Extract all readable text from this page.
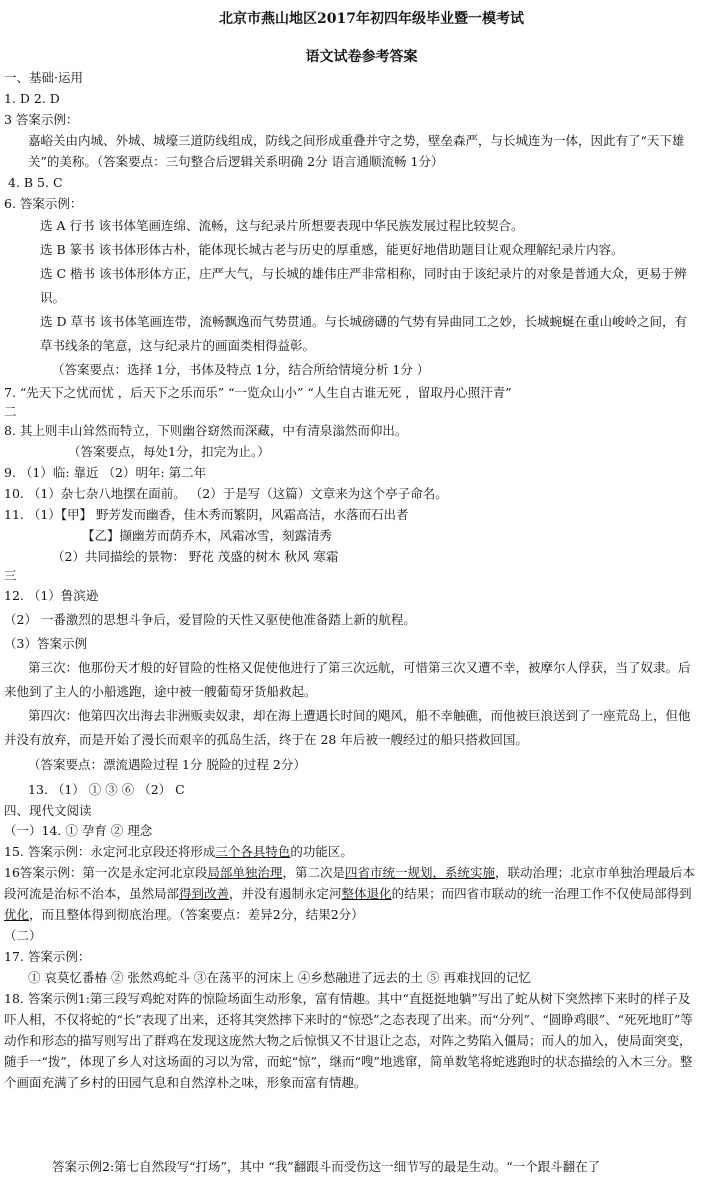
北京市燕山地区2017年初四年级毕业暨一模考试
语文试卷参考答案
一、基础·运用
1. D 2. D
3 答案示例：
嘉峪关由内城、外城、城壕三道防线组成，防线之间形成重叠并守之势，壁垒森严，与长城连为一体，因此有了“天下雄关”的美称。（答案要点：三句整合后逻辑关系明确 2分 语言通顺流畅 1分）
4. B 5. C
6. 答案示例：
选 A 行书 该书体笔画连绵、流畅，这与纪录片所想要表现中华民族发展过程比较契合。
选 B 篆书 该书体形体古朴，能体现长城古老与历史的厚重感，能更好地借助题目让观众理解纪录片内容。
选 C 楷书 该书体形体方正，庄严大气，与长城的雄伟庄严非常相称，同时由于该纪录片的对象是普通大众，更易于辨识。
选 D 草书 该书体笔画连带，流畅飘逸而气势贯通。与长城磅礴的气势有异曲同工之妙，长城蜿蜒在重山峻岭之间，有草书线条的笔意，这与纪录片的画面类相得益彰。
（答案要点：选择 1分，书体及特点 1分，结合所给情境分析 1分 ）
7. “先天下之忧而忧 ，后天下之乐而乐” “一览众山小” “人生自古谁无死 ，留取丹心照汗青”
二
8. 其上则丰山耸然而特立，下则幽谷窈然而深藏，中有清泉滃然而仰出。
（答案要点，每处1分，扣完为止。）
9. （1）临: 靠近 （2）明年: 第二年
10. （1）杂七杂八地摆在面前。 （2）于是写（这篇）文章来为这个亭子命名。
11. （1）【甲】 野芳发而幽香，佳木秀而繁阴，风霜高洁，水落而石出者
【乙】撷幽芳而荫乔木，风霜冰雪，刻露清秀
（2）共同描绘的景物： 野花 茂盛的树木 秋风 寒霜
三
12. （1）鲁滨逊
（2） 一番激烈的思想斗争后，爱冒险的天性又驱使他准备踏上新的航程。
（3）答案示例
第三次：他那份天才般的好冒险的性格又促使他进行了第三次远航，可惜第三次又遭不幸，被摩尔人俘获，当了奴隶。后来他到了主人的小船逃跑，途中被一艘葡萄牙货船救起。
第四次：他第四次出海去非洲贩卖奴隶，却在海上遭遇长时间的飓风，船不幸触礁，而他被巨浪送到了一座荒岛上，但他并没有放弃，而是开始了漫长而艰辛的孤岛生活，终于在 28 年后被一艘经过的船只搭救回国。
（答案要点：漂流遇险过程 1分 脱险的过程 2分）
13. （1） ① ③ ⑥ （2） C
四、现代文阅读
（一）14. ① 孕育 ② 理念
15. 答案示例：永定河北京段还将形成三个各具特色的功能区。
16答案示例：第一次是永定河北京段局部单独治理，第二次是四省市统一规划，系统实施，联动治理；北京市单独治理最后本段河流是治标不治本，虽然局部得到改善，并没有遏制永定河整体退化的结果；而四省市联动的统一治理工作不仅使局部得到优化，而且整体得到彻底治理。（答案要点：差异2分，结果2分）
（二）
17. 答案示例：
① 哀莫忆番椿 ② 张然鸡蛇斗 ③在荡平的河床上 ④乡愁融进了远去的土 ⑤ 再难找回的记忆
18. 答案示例1:第三段写鸡蛇对阵的惊险场面生动形象，富有情趣。其中“直挺挺地躺”写出了蛇从树下突然摔下来时的样子及吓人相，不仅将蛇的“长”表现了出来，还将其突然摔下来时的“惊恐”之态表现了出来。而“分列”、“圆睁鸡眼”、“死死地盯”等动作和形态的描写则写出了群鸡在发现这庞然大物之后惊惧又不甘退让之态，对阵之势陷入僵局；而人的加入，使局面突变，随手一“拨”，体现了乡人对这场面的习以为常，而蛇“惊”，继而“嗖”地逃窜，简单数笔将蛇逃跑时的状态描绘的入木三分。整个画面充满了乡村的田园气息和自然淳朴之味，形象而富有情趣。
答案示例2:第七自然段写“打场”，其中 “我”翻跟斗而受伤这一细节写的最是生动。“一个跟斗翻在了
